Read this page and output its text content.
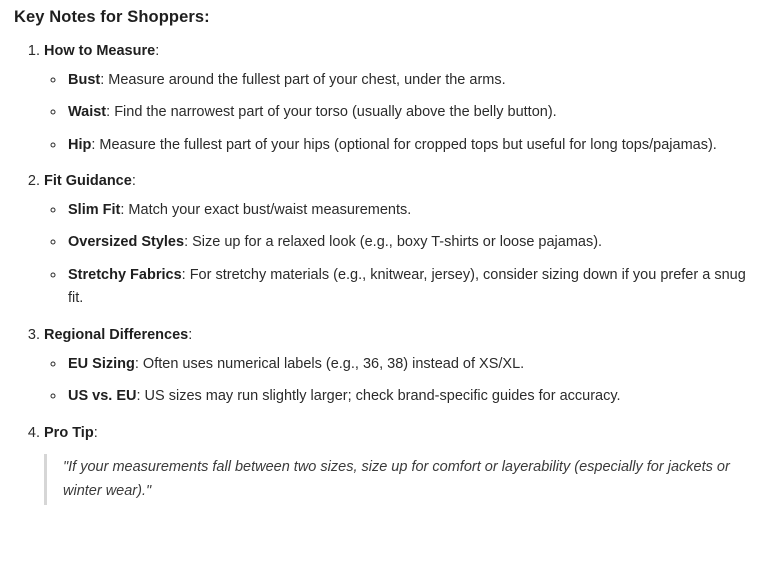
Key Notes for Shoppers:
1. How to Measure:
◦ Bust: Measure around the fullest part of your chest, under the arms.
◦ Waist: Find the narrowest part of your torso (usually above the belly button).
◦ Hip: Measure the fullest part of your hips (optional for cropped tops but useful for long tops/pajamas).
2. Fit Guidance:
◦ Slim Fit: Match your exact bust/waist measurements.
◦ Oversized Styles: Size up for a relaxed look (e.g., boxy T-shirts or loose pajamas).
◦ Stretchy Fabrics: For stretchy materials (e.g., knitwear, jersey), consider sizing down if you prefer a snug fit.
3. Regional Differences:
◦ EU Sizing: Often uses numerical labels (e.g., 36, 38) instead of XS/XL.
◦ US vs. EU: US sizes may run slightly larger; check brand-specific guides for accuracy.
4. Pro Tip:
"If your measurements fall between two sizes, size up for comfort or layerability (especially for jackets or winter wear)."
